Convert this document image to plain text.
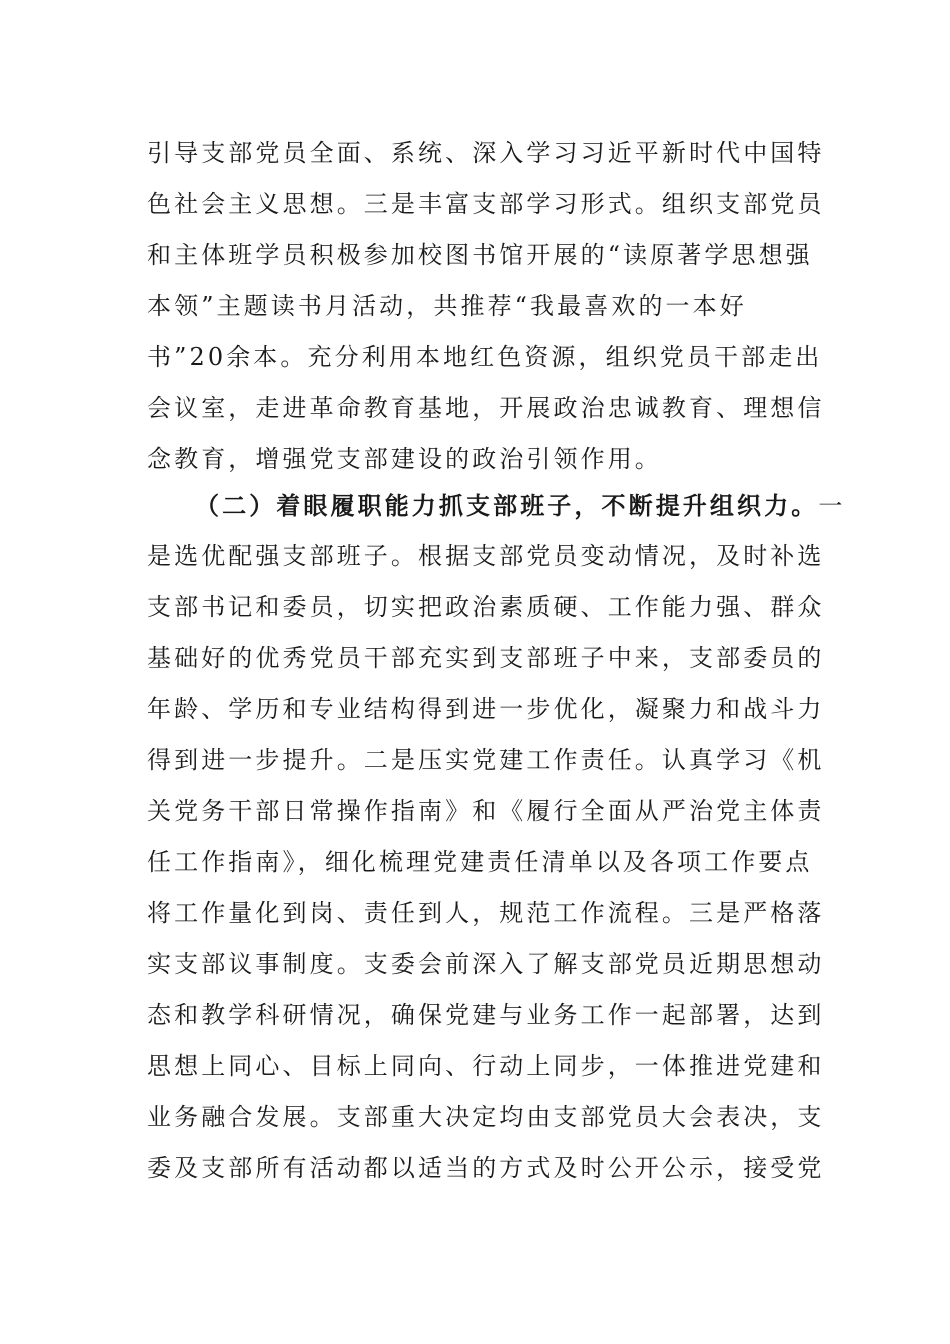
引导支部党员全面、系统、深入学习习近平新时代中国特
色社会主义思想。三是丰富支部学习形式。组织支部党员
和主体班学员积极参加校图书馆开展的“读原著学思想强
本领”主题读书月活动，共推荐“我最喜欢的一本好
书”20余本。充分利用本地红色资源，组织党员干部走出
会议室，走进革命教育基地，开展政治忠诚教育、理想信
念教育，增强党支部建设的政治引领作用。
（二）着眼履职能力抓支部班子，不断提升组织力。一
是选优配强支部班子。根据支部党员变动情况，及时补选
支部书记和委员，切实把政治素质硬、工作能力强、群众
基础好的优秀党员干部充实到支部班子中来，支部委员的
年龄、学历和专业结构得到进一步优化，凝聚力和战斗力
得到进一步提升。二是压实党建工作责任。认真学习《机
关党务干部日常操作指南》和《履行全面从严治党主体责
任工作指南》，细化梳理党建责任清单以及各项工作要点
将工作量化到岗、责任到人，规范工作流程。三是严格落
实支部议事制度。支委会前深入了解支部党员近期思想动
态和教学科研情况，确保党建与业务工作一起部署，达到
思想上同心、目标上同向、行动上同步，一体推进党建和
业务融合发展。支部重大决定均由支部党员大会表决，支
委及支部所有活动都以适当的方式及时公开公示，接受党
